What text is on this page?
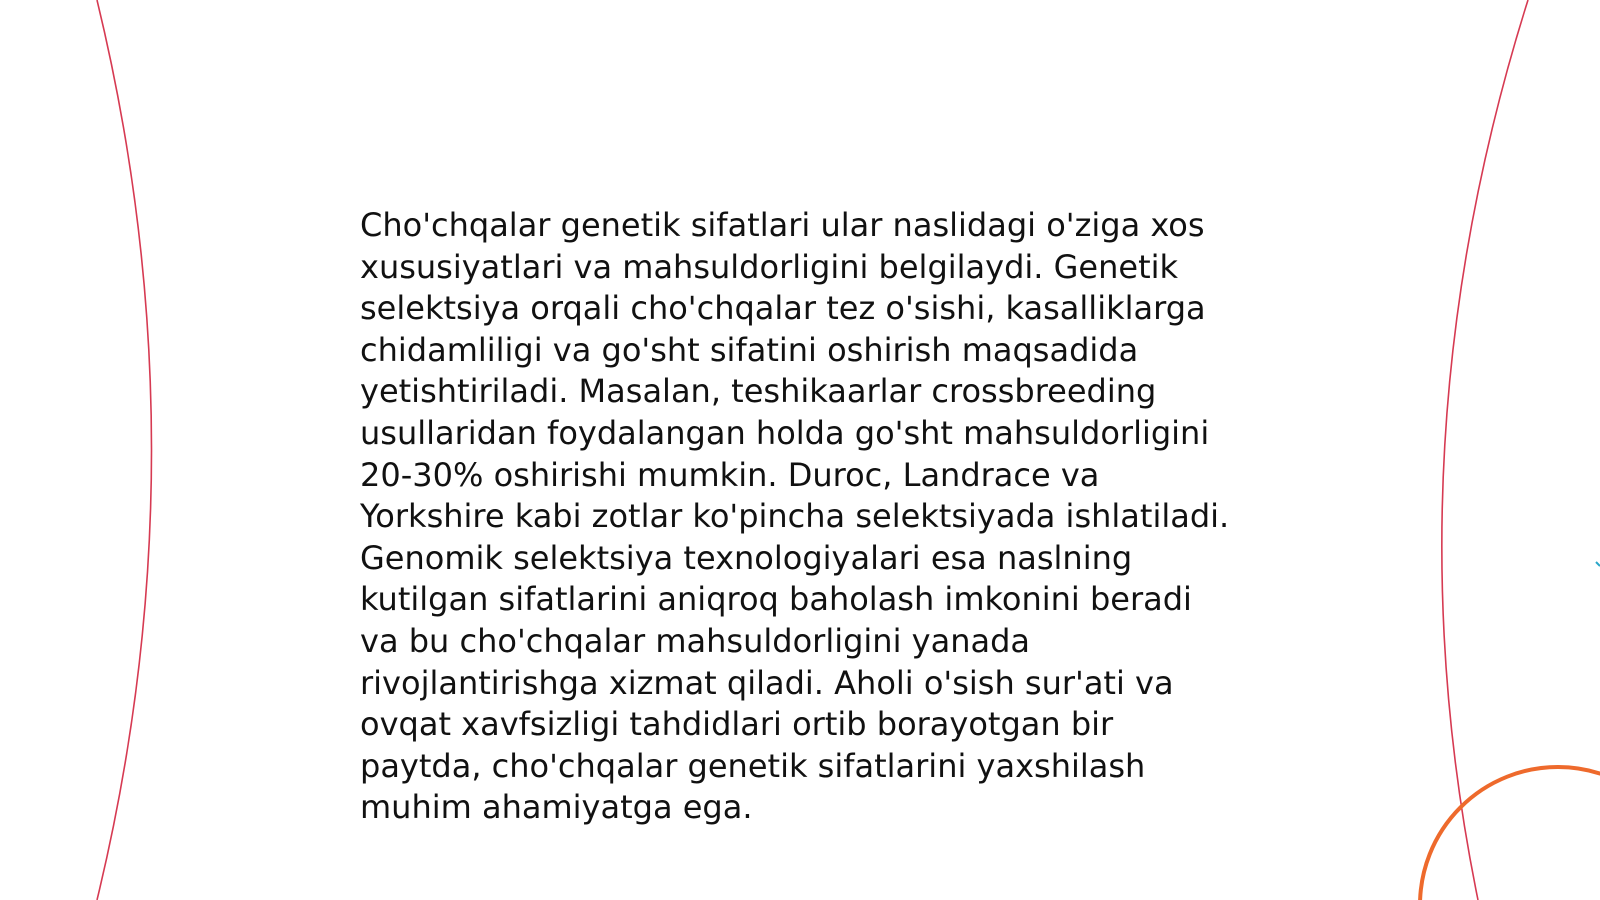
Cho'chqalar genetik sifatlari ular naslidagi o'ziga xos
xususiyatlari va mahsuldorligini belgilaydi. Genetik
selektsiya orqali cho'chqalar tez o'sishi, kasalliklarga
chidamliligi va go'sht sifatini oshirish maqsadida
yetishtiriladi. Masalan, teshikaarlar crossbreeding
usullaridan foydalangan holda go'sht mahsuldorligini
20-30% oshirishi mumkin. Duroc, Landrace va
Yorkshire kabi zotlar ko'pincha selektsiyada ishlatiladi.
Genomik selektsiya texnologiyalari esa naslning
kutilgan sifatlarini aniqroq baholash imkonini beradi
va bu cho'chqalar mahsuldorligini yanada
rivojlantirishga xizmat qiladi. Aholi o'sish sur'ati va
ovqat xavfsizligi tahdidlari ortib borayotgan bir
paytda, cho'chqalar genetik sifatlarini yaxshilash
muhim ahamiyatga ega.
